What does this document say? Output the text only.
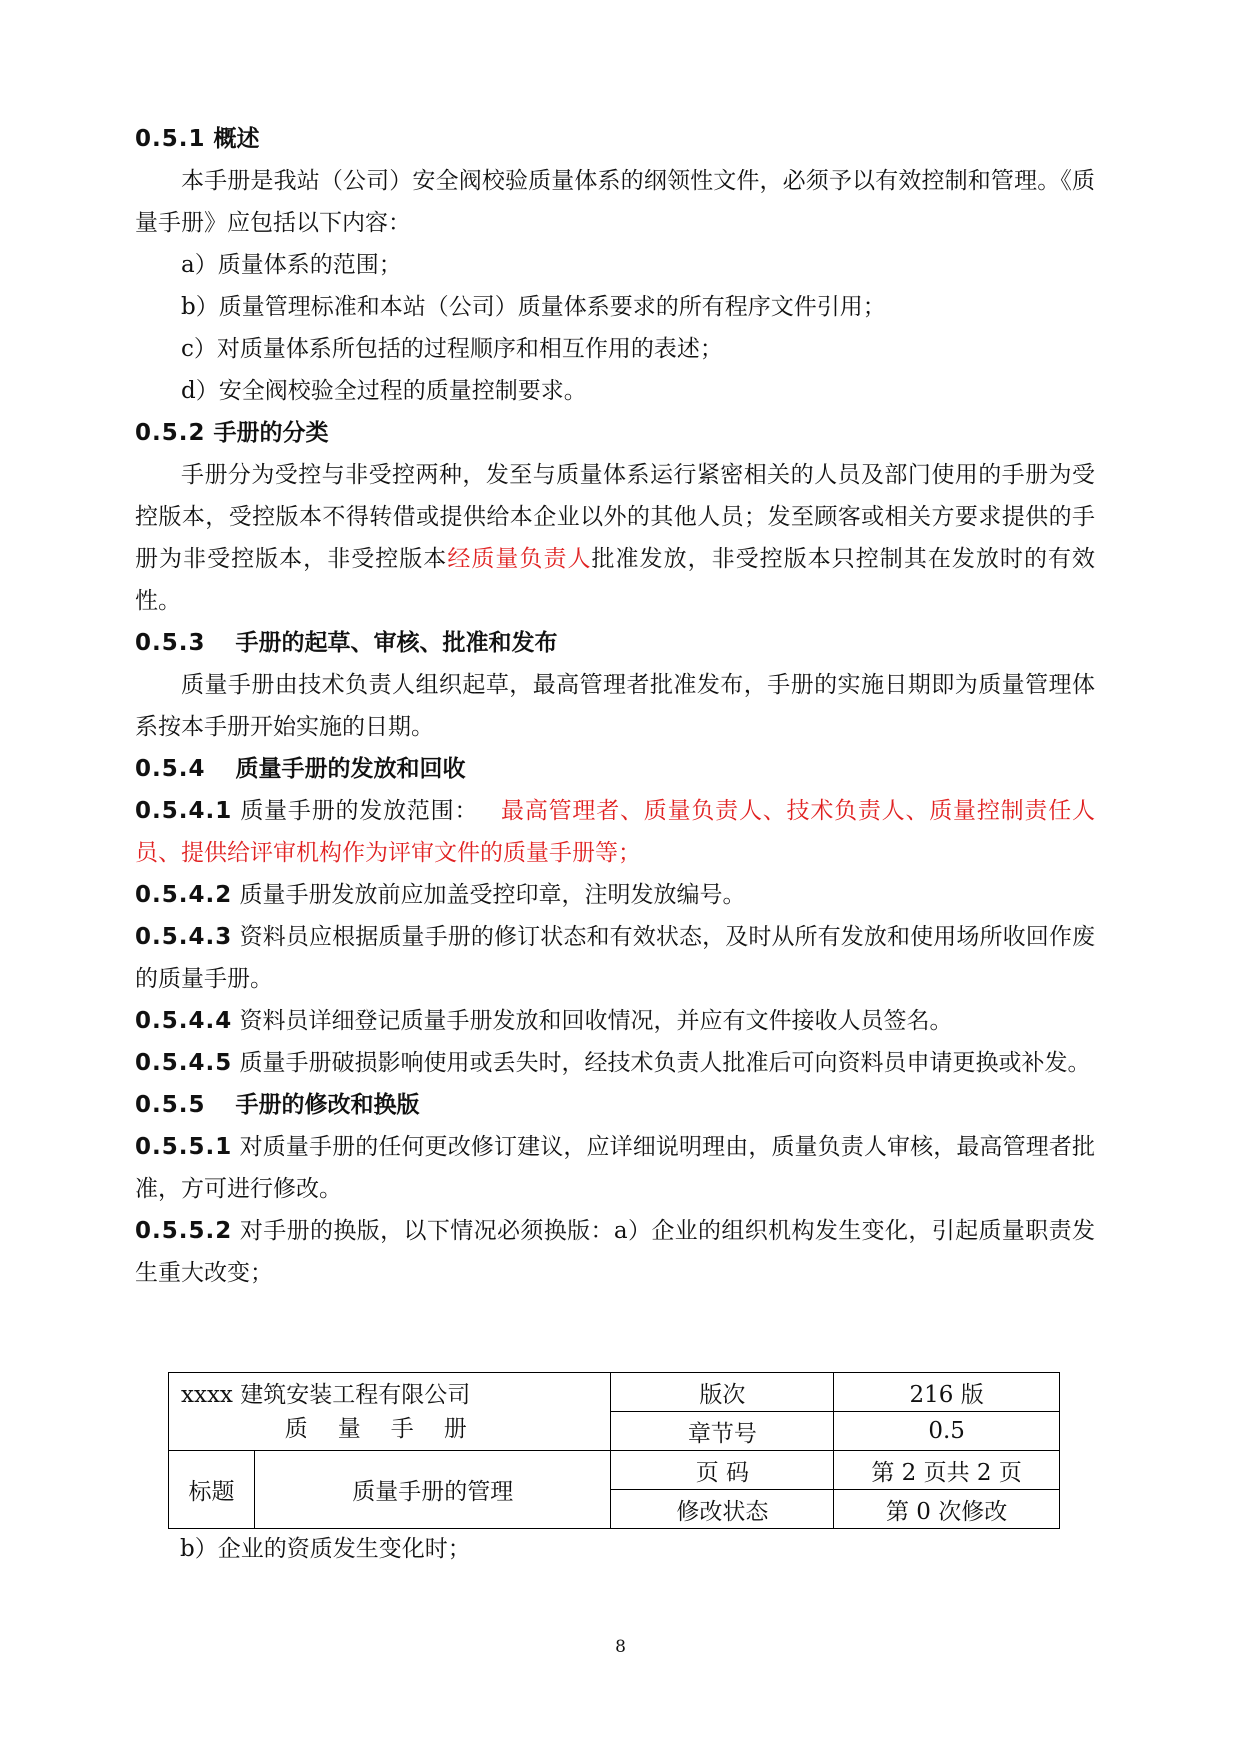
0.5.1 概述

本手册是我站（公司）安全阀校验质量体系的纲领性文件，必须予以有效控制和管理。《质量手册》应包括以下内容：

a）质量体系的范围；

b）质量管理标准和本站（公司）质量体系要求的所有程序文件引用；

c）对质量体系所包括的过程顺序和相互作用的表述；

d）安全阀校验全过程的质量控制要求。

0.5.2 手册的分类

手册分为受控与非受控两种，发至与质量体系运行紧密相关的人员及部门使用的手册为受控版本，受控版本不得转借或提供给本企业以外的其他人员；发至顾客或相关方要求提供的手册为非受控版本，非受控版本经质量负责人批准发放，非受控版本只控制其在发放时的有效性。

0.5.3 手册的起草、审核、批准和发布

质量手册由技术负责人组织起草，最高管理者批准发布，手册的实施日期即为质量管理体系按本手册开始实施的日期。

0.5.4 质量手册的发放和回收

0.5.4.1 质量手册的发放范围： 最高管理者、质量负责人、技术负责人、质量控制责任人员、提供给评审机构作为评审文件的质量手册等；

0.5.4.2 质量手册发放前应加盖受控印章，注明发放编号。

0.5.4.3 资料员应根据质量手册的修订状态和有效状态，及时从所有发放和使用场所收回作废的质量手册。

0.5.4.4 资料员详细登记质量手册发放和回收情况，并应有文件接收人员签名。

0.5.4.5 质量手册破损影响使用或丢失时，经技术负责人批准后可向资料员申请更换或补发。

0.5.5 手册的修改和换版

0.5.5.1 对质量手册的任何更改修订建议，应详细说明理由，质量负责人审核，最高管理者批准，方可进行修改。

0.5.5.2 对手册的换版，以下情况必须换版：a）企业的组织机构发生变化，引起质量职责发生重大改变；

xxxx 建筑安装工程有限公司

质量手册		版次	216 版
		章节号	0.5
标题	质量手册的管理	页 码	第 2 页共 2 页
		修改状态	第 0 次修改
b）企业的资质发生变化时；
8
